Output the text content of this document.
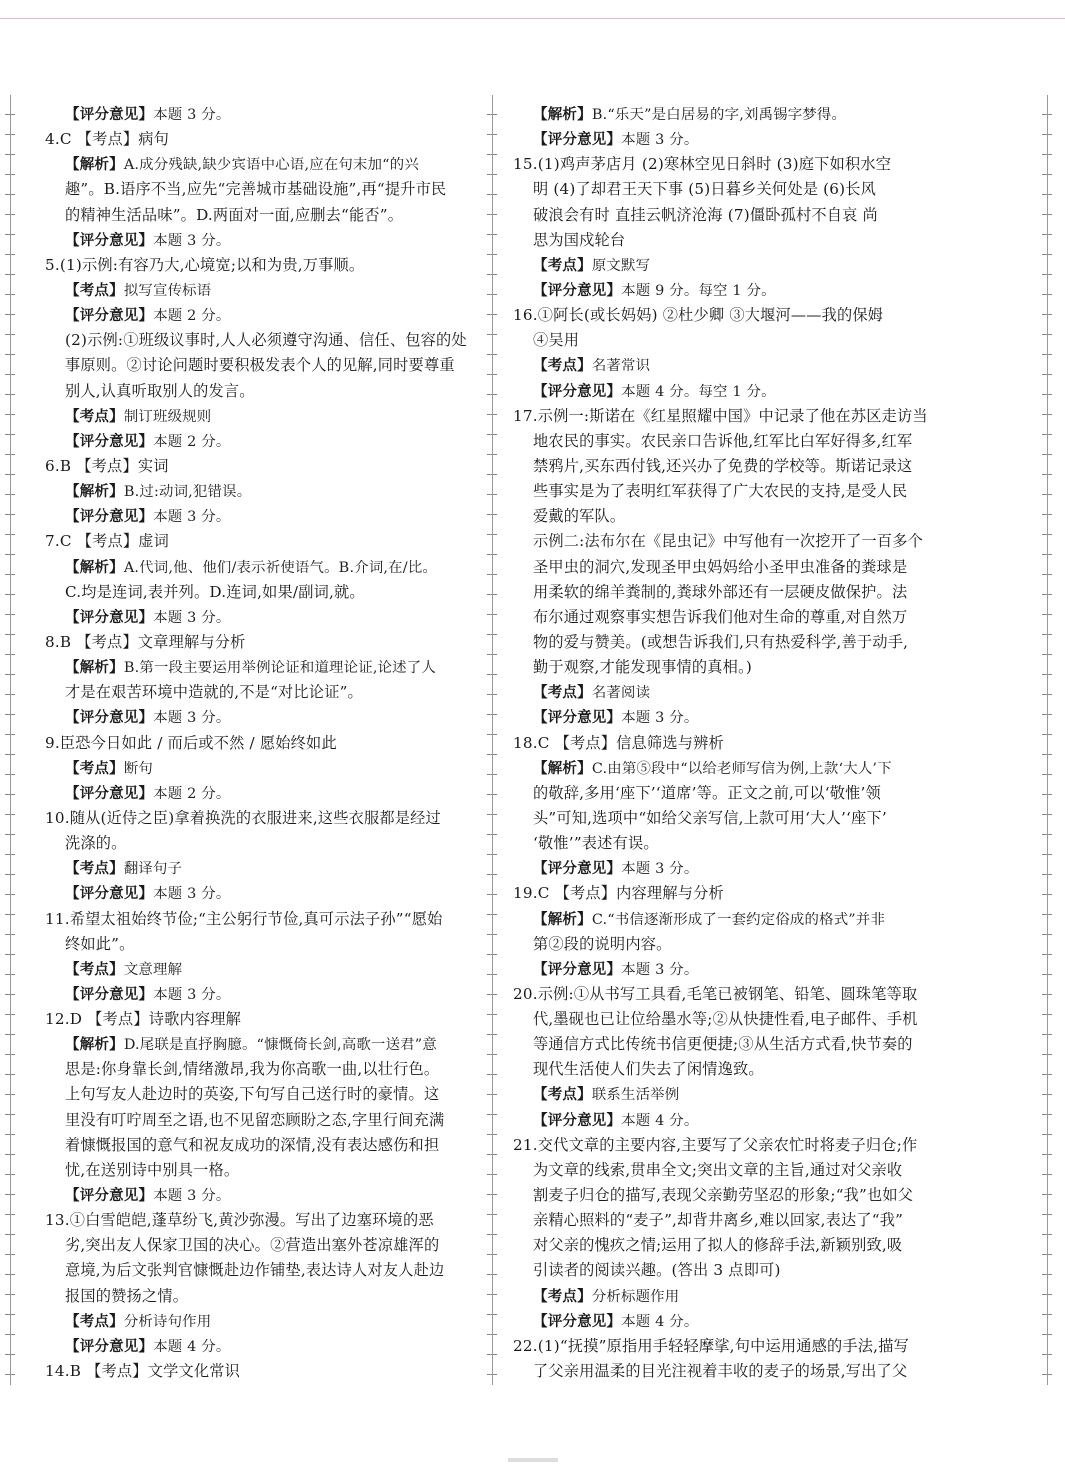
【评分意见】本题 3 分。
4.C 【考点】病句
【解析】A.成分残缺,缺少宾语中心语,应在句末加“的兴
趣”。B.语序不当,应先“完善城市基础设施”,再“提升市民
的精神生活品味”。D.两面对一面,应删去“能否”。
【评分意见】本题 3 分。
5.(1)示例:有容乃大,心境宽;以和为贵,万事顺。
【考点】拟写宣传标语
【评分意见】本题 2 分。
(2)示例:①班级议事时,人人必须遵守沟通、信任、包容的处
事原则。②讨论问题时要积极发表个人的见解,同时要尊重
别人,认真听取别人的发言。
【考点】制订班级规则
【评分意见】本题 2 分。
6.B 【考点】实词
【解析】B.过:动词,犯错误。
【评分意见】本题 3 分。
7.C 【考点】虚词
【解析】A.代词,他、他们/表示祈使语气。B.介词,在/比。
C.均是连词,表并列。D.连词,如果/副词,就。
【评分意见】本题 3 分。
8.B 【考点】文章理解与分析
【解析】B.第一段主要运用举例论证和道理论证,论述了人
才是在艰苦环境中造就的,不是“对比论证”。
【评分意见】本题 3 分。
9.臣恐今日如此 / 而后或不然 / 愿始终如此
【考点】断句
【评分意见】本题 2 分。
10.随从(近侍之臣)拿着换洗的衣服进来,这些衣服都是经过
洗涤的。
【考点】翻译句子
【评分意见】本题 3 分。
11.希望太祖始终节俭;“主公躬行节俭,真可示法子孙”“愿始
终如此”。
【考点】文意理解
【评分意见】本题 3 分。
12.D 【考点】诗歌内容理解
【解析】D.尾联是直抒胸臆。“慷慨倚长剑,高歌一送君”意
思是:你身靠长剑,情绪激昂,我为你高歌一曲,以壮行色。
上句写友人赴边时的英姿,下句写自己送行时的豪情。这
里没有叮咛周至之语,也不见留恋顾盼之态,字里行间充满
着慷慨报国的意气和祝友成功的深情,没有表达感伤和担
忧,在送别诗中别具一格。
【评分意见】本题 3 分。
13.①白雪皑皑,蓬草纷飞,黄沙弥漫。写出了边塞环境的恶
劣,突出友人保家卫国的决心。②营造出塞外苍凉雄浑的
意境,为后文张判官慷慨赴边作铺垫,表达诗人对友人赴边
报国的赞扬之情。
【考点】分析诗句作用
【评分意见】本题 4 分。
14.B 【考点】文学文化常识
【解析】B.“乐天”是白居易的字,刘禹锡字梦得。
【评分意见】本题 3 分。
15.(1)鸡声茅店月 (2)寒林空见日斜时 (3)庭下如积水空
明 (4)了却君王天下事 (5)日暮乡关何处是 (6)长风
破浪会有时 直挂云帆济沧海 (7)僵卧孤村不自哀 尚
思为国戍轮台
【考点】原文默写
【评分意见】本题 9 分。每空 1 分。
16.①阿长(或长妈妈) ②杜少卿 ③大堰河——我的保姆
④吴用
【考点】名著常识
【评分意见】本题 4 分。每空 1 分。
17.示例一:斯诺在《红星照耀中国》中记录了他在苏区走访当
地农民的事实。农民亲口告诉他,红军比白军好得多,红军
禁鸦片,买东西付钱,还兴办了免费的学校等。斯诺记录这
些事实是为了表明红军获得了广大农民的支持,是受人民
爱戴的军队。
示例二:法布尔在《昆虫记》中写他有一次挖开了一百多个
圣甲虫的洞穴,发现圣甲虫妈妈给小圣甲虫准备的粪球是
用柔软的绵羊粪制的,粪球外部还有一层硬皮做保护。法
布尔通过观察事实想告诉我们他对生命的尊重,对自然万
物的爱与赞美。(或想告诉我们,只有热爱科学,善于动手,
勤于观察,才能发现事情的真相。)
【考点】名著阅读
【评分意见】本题 3 分。
18.C 【考点】信息筛选与辨析
【解析】C.由第⑤段中“以给老师写信为例,上款‘大人’下
的敬辞,多用‘座下’‘道席’等。正文之前,可以‘敬惟’领
头”可知,选项中“如给父亲写信,上款可用‘大人’‘座下’
‘敬惟’”表述有误。
【评分意见】本题 3 分。
19.C 【考点】内容理解与分析
【解析】C.“书信逐渐形成了一套约定俗成的格式”并非
第②段的说明内容。
【评分意见】本题 3 分。
20.示例:①从书写工具看,毛笔已被钢笔、铅笔、圆珠笔等取
代,墨砚也已让位给墨水等;②从快捷性看,电子邮件、手机
等通信方式比传统书信更便捷;③从生活方式看,快节奏的
现代生活使人们失去了闲情逸致。
【考点】联系生活举例
【评分意见】本题 4 分。
21.交代文章的主要内容,主要写了父亲农忙时将麦子归仓;作
为文章的线索,贯串全文;突出文章的主旨,通过对父亲收
割麦子归仓的描写,表现父亲勤劳坚忍的形象;“我”也如父
亲精心照料的“麦子”,却背井离乡,难以回家,表达了“我”
对父亲的愧疚之情;运用了拟人的修辞手法,新颖别致,吸
引读者的阅读兴趣。(答出 3 点即可)
【考点】分析标题作用
【评分意见】本题 4 分。
22.(1)“抚摸”原指用手轻轻摩挲,句中运用通感的手法,描写
了父亲用温柔的目光注视着丰收的麦子的场景,写出了父
